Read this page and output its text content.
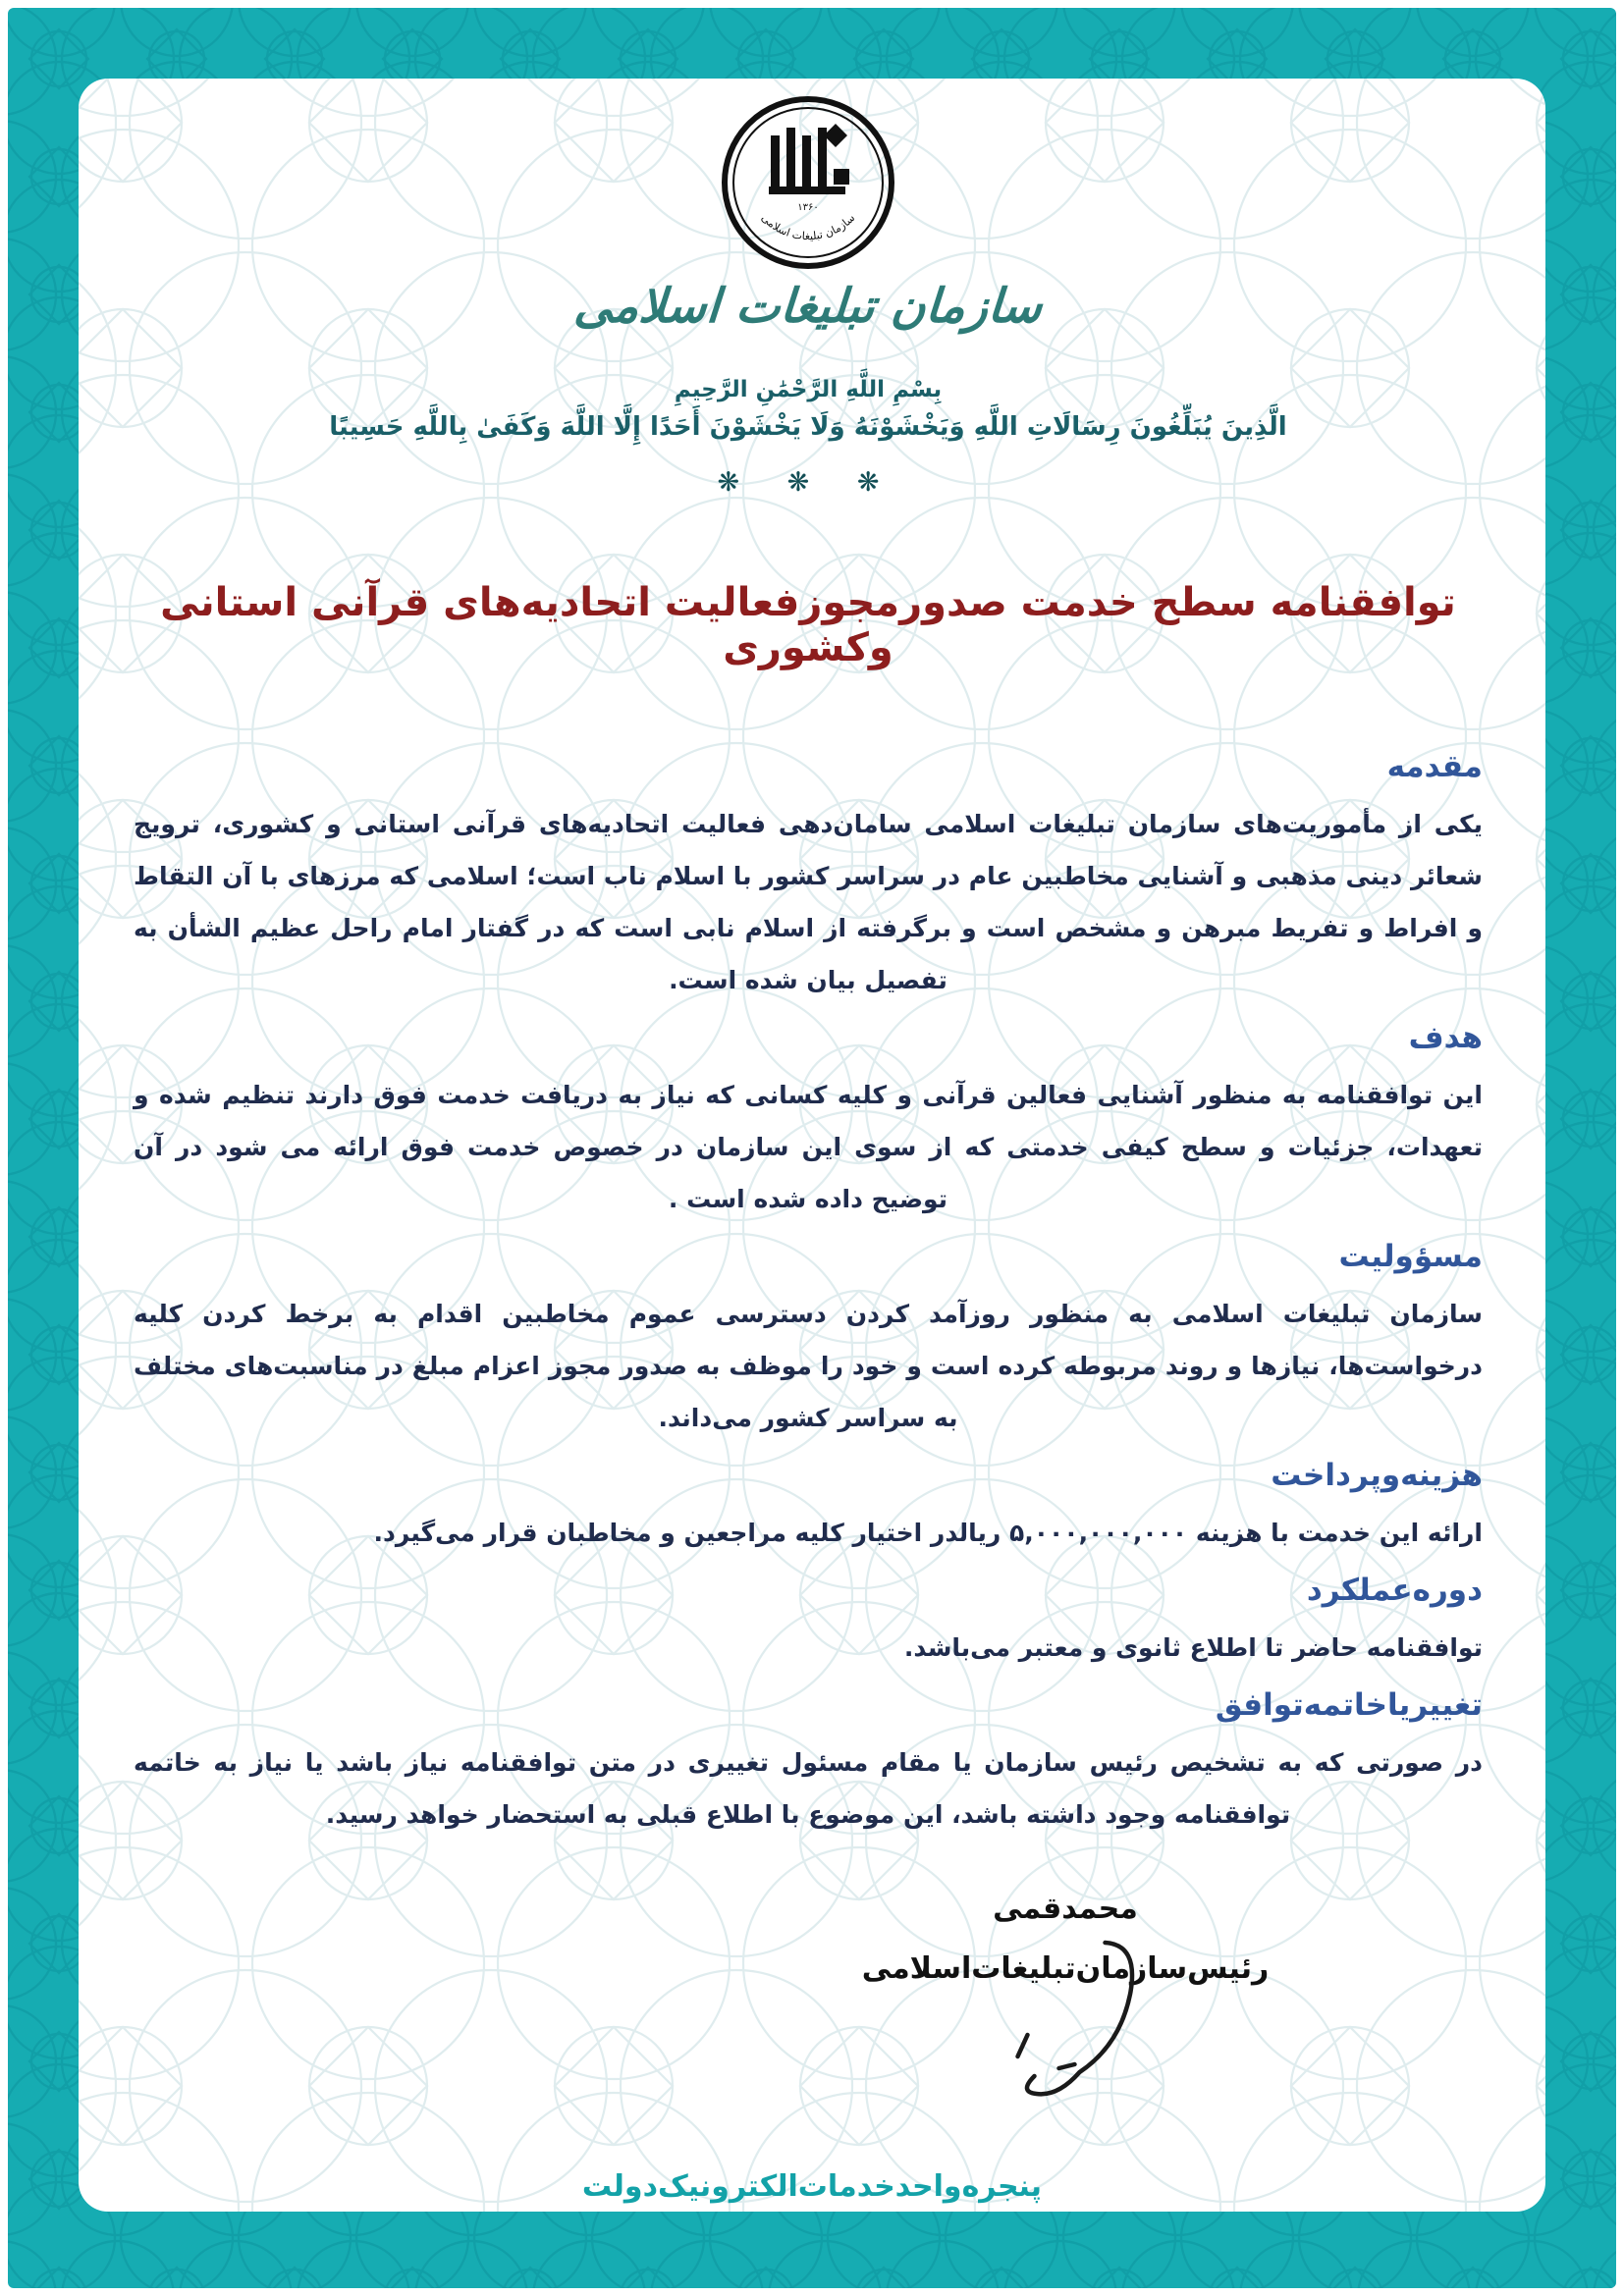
۱۳۶۰
سازمان تبلیغات اسلامی
سازمان تبلیغات اسلامی
بِسْمِ اللَّهِ الرَّحْمَٰنِ الرَّحِيمِ
الَّذِينَ يُبَلِّغُونَ رِسَالَاتِ اللَّهِ وَيَخْشَوْنَهُ وَلَا يَخْشَوْنَ أَحَدًا إِلَّا اللَّهَ وَكَفَىٰ بِاللَّهِ حَسِيبًا
❋ ❋ ❋
توافقنامه سطح خدمت صدورمجوزفعالیت اتحادیه‌های قرآنی استانی وکشوری
مقدمه

یکی از مأموریت‌های سازمان تبلیغات اسلامی سامان‌دهی فعالیت اتحادیه‌های قرآنی استانی و کشوری، ترویج شعائر دینی مذهبی و آشنایی مخاطبین عام در سراسر کشور با اسلام ناب است؛ اسلامی که مرزهای با آن التقاط و افراط و تفریط مبرهن و مشخص است و برگرفته از اسلام نابی است که در گفتار امام راحل عظیم الشأن به تفصیل بیان شده است.

هدف

این توافقنامه به منظور آشنایی فعالین قرآنی و کلیه کسانی که نیاز به دریافت خدمت فوق دارند تنظیم شده و تعهدات، جزئیات و سطح کیفی خدمتی که از سوی این سازمان در خصوص خدمت فوق ارائه می شود در آن توضیح داده شده است .

مسؤولیت

سازمان تبلیغات اسلامی به منظور روزآمد کردن دسترسی عموم مخاطبین اقدام به برخط کردن کلیه درخواست‌ها، نیازها و روند مربوطه کرده است و خود را موظف به صدور مجوز اعزام مبلغ در مناسبت‌های مختلف به سراسر کشور می‌داند.

هزینه‌وپرداخت

ارائه این خدمت با هزینه ۵,۰۰۰,۰۰۰,۰۰۰ ریالدر اختیار کلیه مراجعین و مخاطبان قرار می‌گیرد.

دوره‌عملکرد

توافقنامه حاضر تا اطلاع ثانوی و معتبر می‌باشد.

تغییریاخاتمه‌توافق

در صورتی که به تشخیص رئیس سازمان یا مقام مسئول تغییری در متن توافقنامه نیاز باشد یا نیاز به خاتمه توافقنامه وجود داشته باشد، این موضوع با اطلاع قبلی به استحضار خواهد رسید.

محمدقمی
رئیس‌سازمان‌تبلیغات‌اسلامی
پنجره‌واحدخدمات‌الکترونیک‌دولت
